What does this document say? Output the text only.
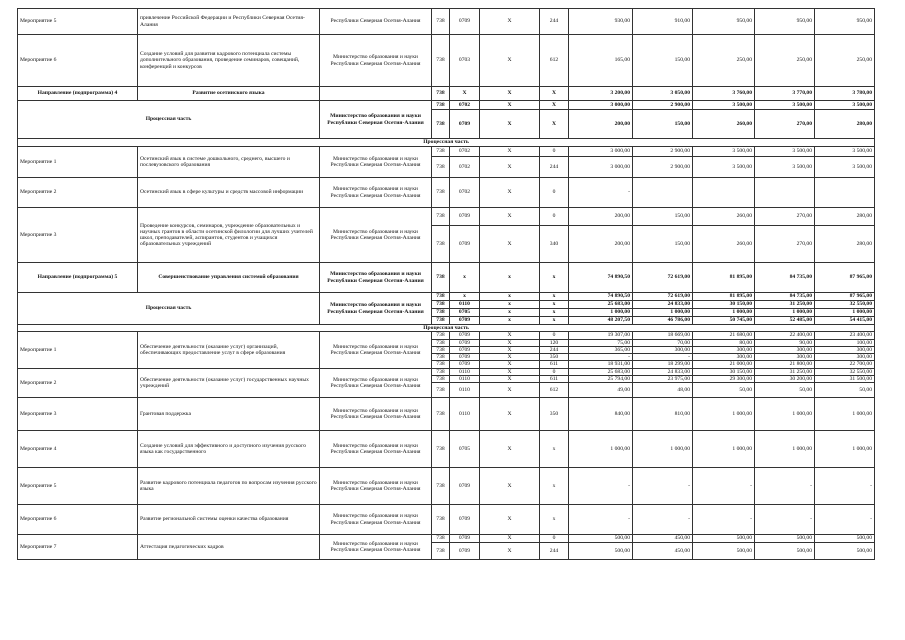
Мероприятие 5	привлечение Российской Федерации и Республики Северная Осетия-Алания	Республики Северная Осетия-Алания	738	0709	X	244	930,00	910,00	950,00	950,00	950,00
Мероприятие 6	Создание условий для развития кадрового потенциала системы дополнительного образования, проведение семинаров, совещаний, конференций и конкурсов	Министерство образования и науки Республики Северная Осетия-Алания	738	0703	X	612	165,00	150,00	250,00	250,00	250,00
Направление (подпрограмма) 4	Развитие осетинского языка		738	X	X	X	3 200,00	3 050,00	3 760,00	3 770,00	3 780,00
Процессная часть		Министерство образования и науки Республики Северная Осетия-Алания	738	0702	X	X	3 000,00	2 900,00	3 500,00	3 500,00	3 500,00
			738	0709	X	X	200,00	150,00	260,00	270,00	280,00
Процессная часть											
Мероприятие 1	Осетинский язык в системе дошкольного, среднего, высшего и послевузовского образования	Министерство образования и науки Республики Северная Осетия-Алания	738	0702	X	0	3 000,00	2 900,00	3 500,00	3 500,00	3 500,00
			738	0702	X	244	3 000,00	2 900,00	3 500,00	3 500,00	3 500,00
Мероприятие 2	Осетинский язык в сфере культуры и средств массовой информации	Министерство образования и науки Республики Северная Осетия-Алания	738	0702	X	0	-				
Мероприятие 3	Проведение конкурсов, семинаров, учреждение образовательных и научных грантов в области осетинской филологии для лучших учителей школ, преподавателей, аспирантов, студентов и учащихся образовательных учреждений	Министерство образования и науки Республики Северная Осетия-Алания	738	0709	X	0	200,00	150,00	260,00	270,00	280,00
			738	0709	X	340	200,00	150,00	260,00	270,00	280,00
Направление (подпрограмма) 5	Совершенствование управления системой образования	Министерство образования и науки Республики Северная Осетия-Алания	738	x	x	x	74 890,50	72 619,00	81 895,00	84 735,00	87 965,00
Процессная часть		Министерство образования и науки Республики Северная Осетия-Алания	738	x	x	x	74 890,50	72 619,00	81 895,00	84 735,00	87 965,00
			738	0110	x	x	25 683,00	24 833,00	30 150,00	31 250,00	32 550,00
			738	0705	x	x	1 000,00	1 000,00	1 000,00	1 000,00	1 000,00
			738	0709	x	x	48 207,50	46 786,00	50 745,00	52 485,00	54 415,00
Процессная часть											
Мероприятие 1	Обеспечение деятельности (оказание услуг) организаций, обеспечивающих предоставление услуг в сфере образования	Министерство образования и науки Республики Северная Осетия-Алания	738	0709	X	0	19 307,00	18 669,00	21 680,00	22 400,00	23 400,00
			738	0709	X	120	75,00	70,00	80,00	90,00	100,00
			738	0709	X	244	365,00	300,00	300,00	300,00	300,00
			738	0709	X	350	-	-	300,00	300,00	300,00
			738	0709	X	611	18 931,00	18 299,00	21 000,00	21 800,00	22 700,00
Мероприятие 2	Обеспечение деятельности (оказание услуг) государственных научных учреждений	Министерство образования и науки Республики Северная Осетия-Алания	738	0110	X	0	25 683,00	24 833,00	30 150,00	31 250,00	32 550,00
			738	0110	X	611	25 794,00	23 975,00	29 300,00	30 200,00	31 500,00
			738	0110	X	612	49,00	48,00	50,00	50,00	50,00
Мероприятие 3	Грантовая поддержка	Министерство образования и науки Республики Северная Осетия-Алания	738	0110	X	350	840,00	810,00	1 000,00	1 000,00	1 000,00
Мероприятие 4	Создание условий для эффективного и доступного изучения русского языка как государственного	Министерство образования и науки Республики Северная Осетия-Алания	738	0705	X	x	1 000,00	1 000,00	1 000,00	1 000,00	1 000,00
Мероприятие 5	Развитие кадрового потенциала педагогов по вопросам изучения русского языка	Министерство образования и науки Республики Северная Осетия-Алания	738	0709	X	x	-	-	-	-	-
Мероприятие 6	Развитие региональной системы оценки качества образования	Министерство образования и науки Республики Северная Осетия-Алания	738	0709	X	x	-	-	-	-	-
Мероприятие 7	Аттестация педагогических кадров	Министерство образования и науки Республики Северная Осетия-Алания	738	0709	X	0	500,00	450,00	500,00	500,00	500,00
			738	0709	X	244	500,00	450,00	500,00	500,00	500,00
